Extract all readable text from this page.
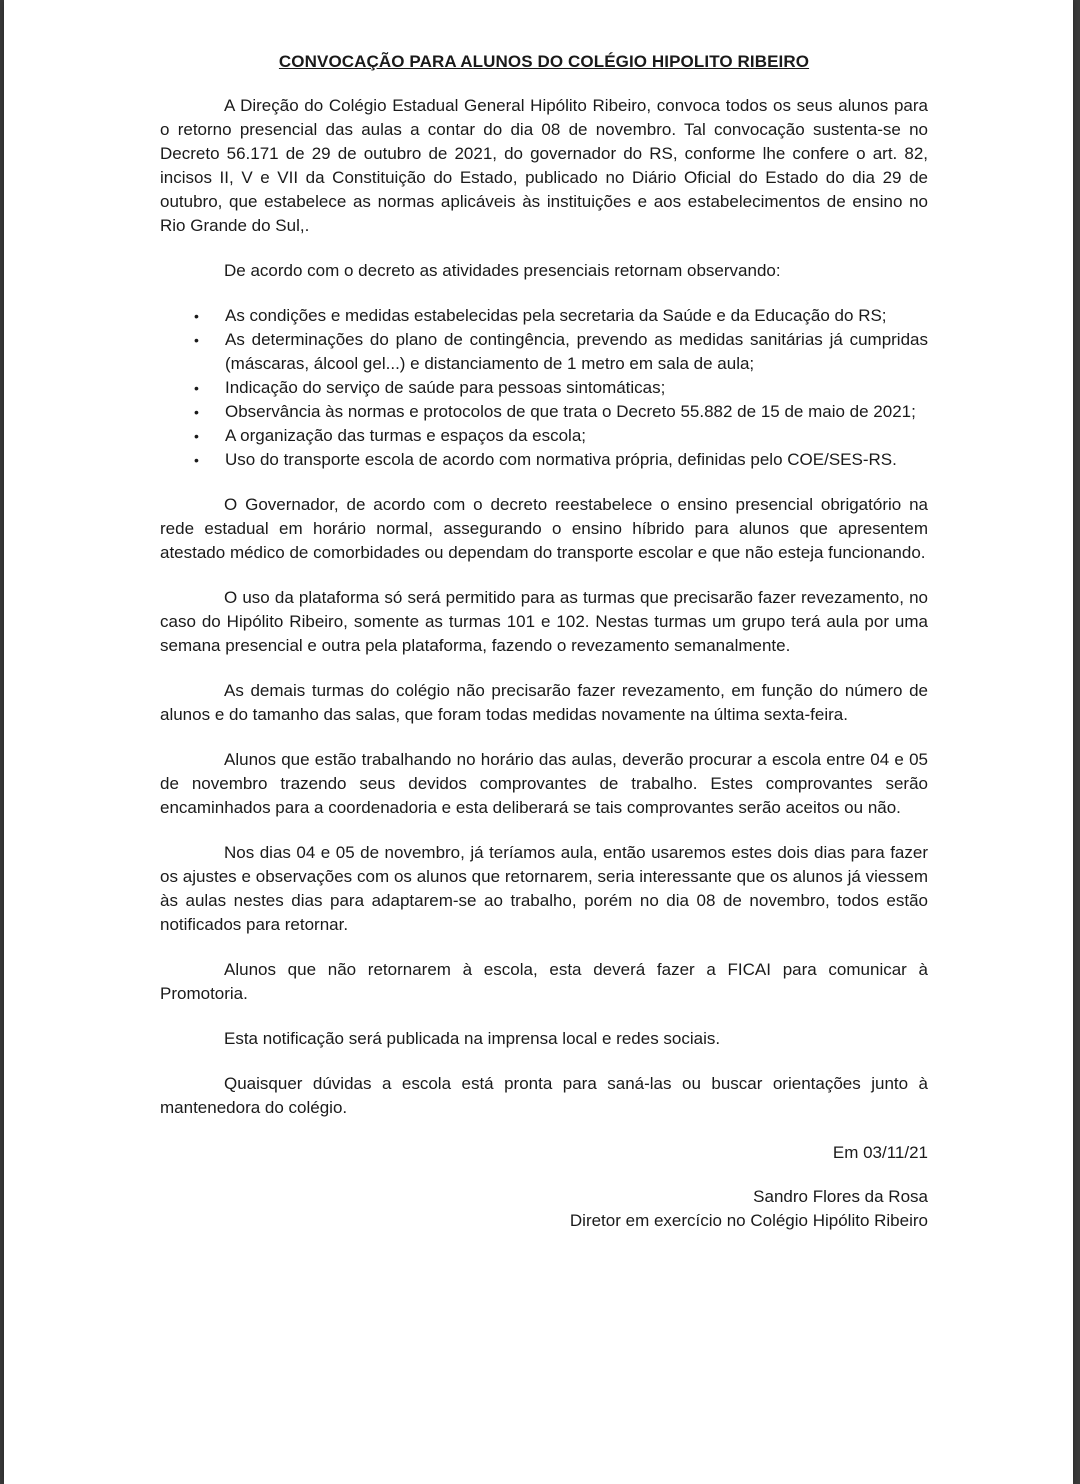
CONVOCAÇÃO PARA ALUNOS DO COLÉGIO HIPOLITO RIBEIRO

A Direção do Colégio Estadual General Hipólito Ribeiro, convoca todos os seus alunos para o retorno presencial das aulas a contar do dia 08 de novembro. Tal convocação sustenta-se no Decreto 56.171 de 29 de outubro de 2021, do governador do RS, conforme lhe confere o art. 82, incisos II, V e VII da Constituição do Estado, publicado no Diário Oficial do Estado do dia 29 de outubro, que estabelece as normas aplicáveis às instituições e aos estabelecimentos de ensino no Rio Grande do Sul,.

De acordo com o decreto as atividades presenciais retornam observando:

• As condições e medidas estabelecidas pela secretaria da Saúde e da Educação do RS;
• As determinações do plano de contingência, prevendo as medidas sanitárias já cumpridas (máscaras, álcool gel...) e distanciamento de 1 metro em sala de aula;
• Indicação do serviço de saúde para pessoas sintomáticas;
• Observância às normas e protocolos de que trata o Decreto 55.882 de 15 de maio de 2021;
• A organização das turmas e espaços da escola;
• Uso do transporte escola de acordo com normativa própria, definidas pelo COE/SES-RS.

O Governador, de acordo com o decreto reestabelece o ensino presencial obrigatório na rede estadual em horário normal, assegurando o ensino híbrido para alunos que apresentem atestado médico de comorbidades ou dependam do transporte escolar e que não esteja funcionando.

O uso da plataforma só será permitido para as turmas que precisarão fazer revezamento, no caso do Hipólito Ribeiro, somente as turmas 101 e 102. Nestas turmas um grupo terá aula por uma semana presencial e outra pela plataforma, fazendo o revezamento semanalmente.

As demais turmas do colégio não precisarão fazer revezamento, em função do número de alunos e do tamanho das salas, que foram todas medidas novamente na última sexta-feira.

Alunos que estão trabalhando no horário das aulas, deverão procurar a escola entre 04 e 05 de novembro trazendo seus devidos comprovantes de trabalho. Estes comprovantes serão encaminhados para a coordenadoria e esta deliberará se tais comprovantes serão aceitos ou não.

Nos dias 04 e 05 de novembro, já teríamos aula, então usaremos estes dois dias para fazer os ajustes e observações com os alunos que retornarem, seria interessante que os alunos já viessem às aulas nestes dias para adaptarem-se ao trabalho, porém no dia 08 de novembro, todos estão notificados para retornar.

Alunos que não retornarem à escola, esta deverá fazer a FICAI para comunicar à Promotoria.

Esta notificação será publicada na imprensa local e redes sociais.

Quaisquer dúvidas a escola está pronta para saná-las ou buscar orientações junto à mantenedora do colégio.

Em 03/11/21
Sandro Flores da Rosa
Diretor em exercício no Colégio Hipólito Ribeiro
